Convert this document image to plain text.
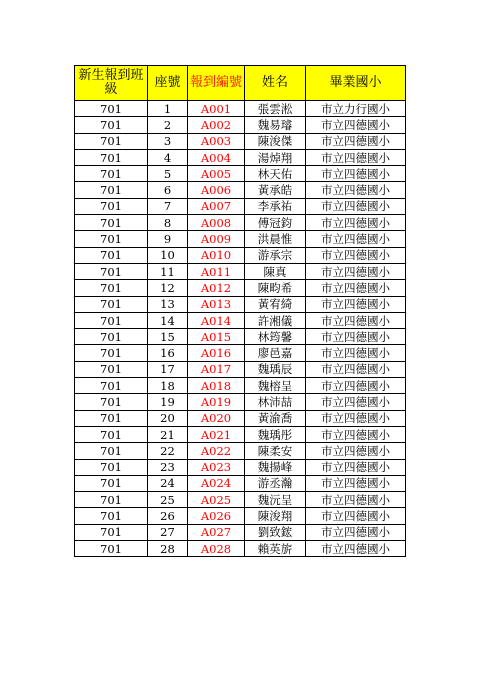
新生報到班級	座號	報到編號	姓名	畢業國小
701	1	A001	張雲淞	市立力行國小
701	2	A002	魏易璿	市立四德國小
701	3	A003	陳浚傑	市立四德國小
701	4	A004	湯焯翔	市立四德國小
701	5	A005	林天佑	市立四德國小
701	6	A006	黃承皓	市立四德國小
701	7	A007	李承祐	市立四德國小
701	8	A008	傅冠鈞	市立四德國小
701	9	A009	洪晨惟	市立四德國小
701	10	A010	游承宗	市立四德國小
701	11	A011	陳真	市立四德國小
701	12	A012	陳畇希	市立四德國小
701	13	A013	黃宥綺	市立四德國小
701	14	A014	許湘儀	市立四德國小
701	15	A015	林筠馨	市立四德國小
701	16	A016	廖邑嘉	市立四德國小
701	17	A017	魏瑀辰	市立四德國小
701	18	A018	魏榕呈	市立四德國小
701	19	A019	林沛喆	市立四德國小
701	20	A020	黃渝喬	市立四德國小
701	21	A021	魏瑀彤	市立四德國小
701	22	A022	陳柔安	市立四德國小
701	23	A023	魏揚峰	市立四德國小
701	24	A024	游丞瀚	市立四德國小
701	25	A025	魏沅呈	市立四德國小
701	26	A026	陳浚翔	市立四德國小
701	27	A027	劉致鋐	市立四德國小
701	28	A028	賴英旂	市立四德國小
